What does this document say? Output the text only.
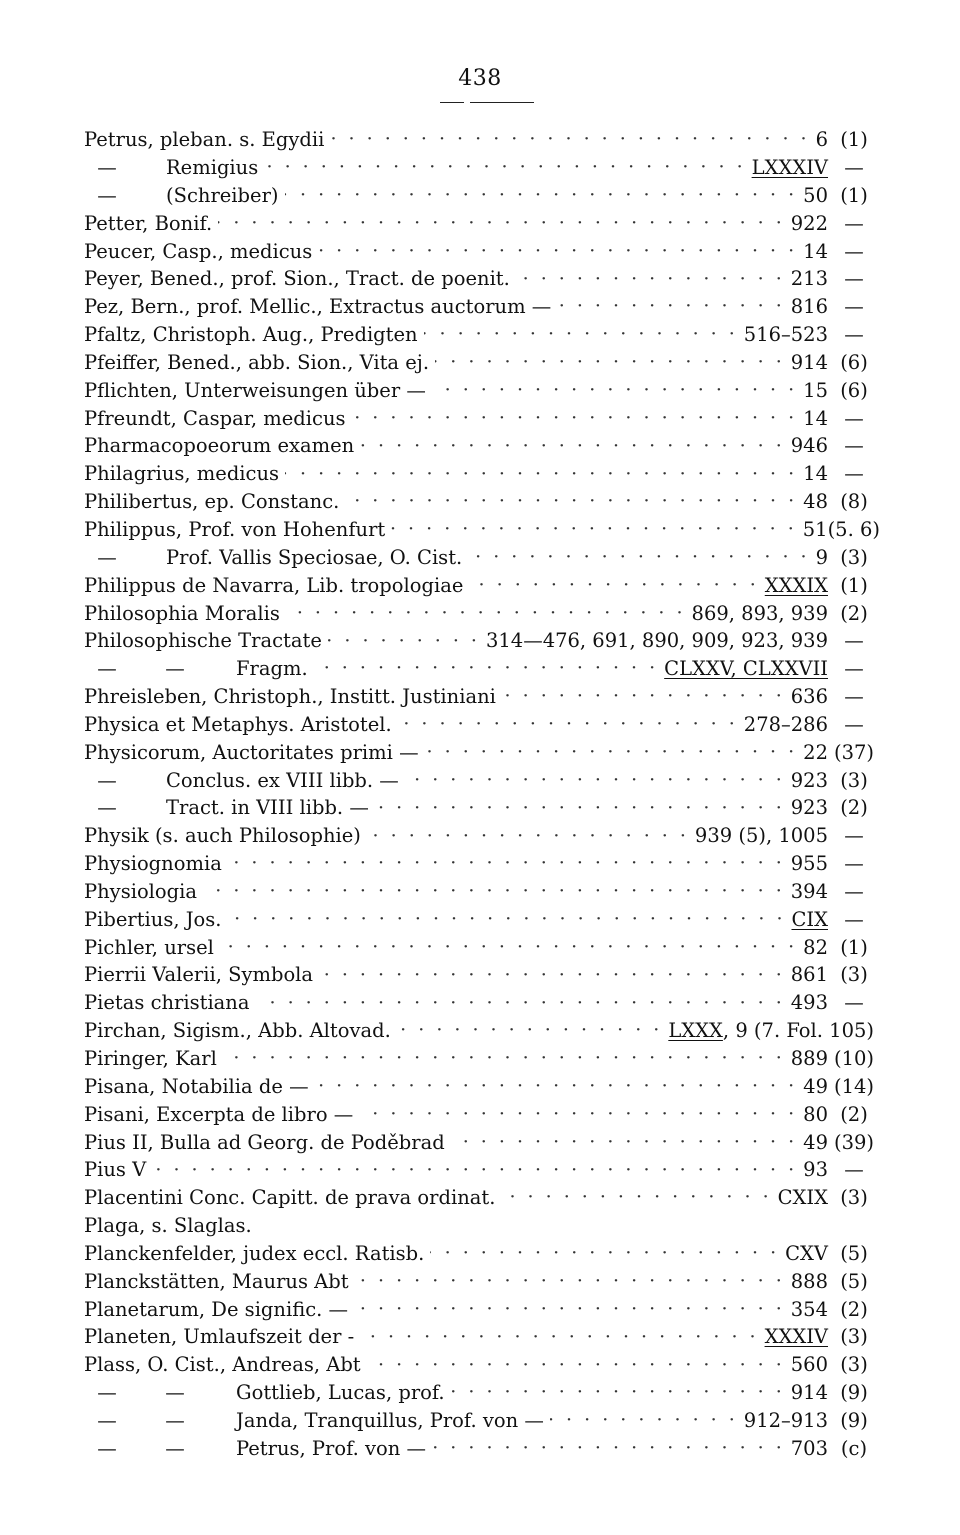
438
Petrus, pleban. s. Egydii · · ·	6 (1)
—	Remigius · · ·	LXXXIV —
—	(Schreiber) · · ·	50 (1)
Petter, Bonif. · · ·	922 —
Peucer, Casp., medicus · · ·	14 —
Peyer, Bened., prof. Sion., Tract. de poenit. · · ·	213 —
Pez, Bern., prof. Mellic., Extractus auctorum — · · ·	816 —
Pfaltz, Christoph. Aug., Predigten · · ·	516–523 —
Pfeiffer, Bened., abb. Sion., Vita ej. · · ·	914 (6)
Pflichten, Unterweisungen über — · · ·	15 (6)
Pfreundt, Caspar, medicus · · ·	14 —
Pharmacopoeorum examen · · ·	946 —
Philagrius, medicus · · ·	14 —
Philibertus, ep. Constanc. · · ·	48 (8)
Philippus, Prof. von Hohenfurt · · ·	51 (5. 6)
—	Prof. Vallis Speciosae, O. Cist. · · ·	9 (3)
Philippus de Navarra, Lib. tropologiae · · ·	XXXIX (1)
Philosophia Moralis · · ·	869, 893, 939 (2)
Philosophische Tractate · · ·	314—476, 691, 890, 909, 923, 939 —
— —	Fragm. · · ·	CLXXV, CLXXVII —
Phreisleben, Christoph., Institt. Justiniani · · ·	636 —
Physica et Metaphys. Aristotel. · · ·	278–286 —
Physicorum, Auctoritates primi — · · ·	22 (37)
—	Conclus. ex VIII libb. — · · ·	923 (3)
—	Tract. in VIII libb. — · · ·	923 (2)
Physik (s. auch Philosophie) · · ·	939 (5), 1005 —
Physiognomia · · ·	955 —
Physiologia · · ·	394 —
Pibertius, Jos. · · ·	CIX —
Pichler, ursel · · ·	82 (1)
Pierrii Valerii, Symbola · · ·	861 (3)
Pietas christiana · · ·	493 —
Pirchan, Sigism., Abb. Altovad. · · ·	LXXX, 9 (7. Fol. 105)
Piringer, Karl · · ·	889 (10)
Pisana, Notabilia de — · · ·	49 (14)
Pisani, Excerpta de libro — · · ·	80 (2)
Pius II, Bulla ad Georg. de Poděbrad · · ·	49 (39)
Pius V · · ·	93 —
Placentini Conc. Capitt. de prava ordinat. · · ·	CXIX (3)
Plaga, s. Slaglas.
Planckenfelder, judex eccl. Ratisb. · · ·	CXV (5)
Planckstätten, Maurus Abt · · ·	888 (5)
Planetarum, De signific. — · · ·	354 (2)
Planeten, Umlaufszeit der - · · ·	XXXIV (3)
Plass, O. Cist., Andreas, Abt · · ·	560 (3)
— —	Gottlieb, Lucas, prof. · · ·	914 (9)
— —	Janda, Tranquillus, Prof. von — · · ·	912–913 (9)
— —	Petrus, Prof. von — · · ·	703 (c)
